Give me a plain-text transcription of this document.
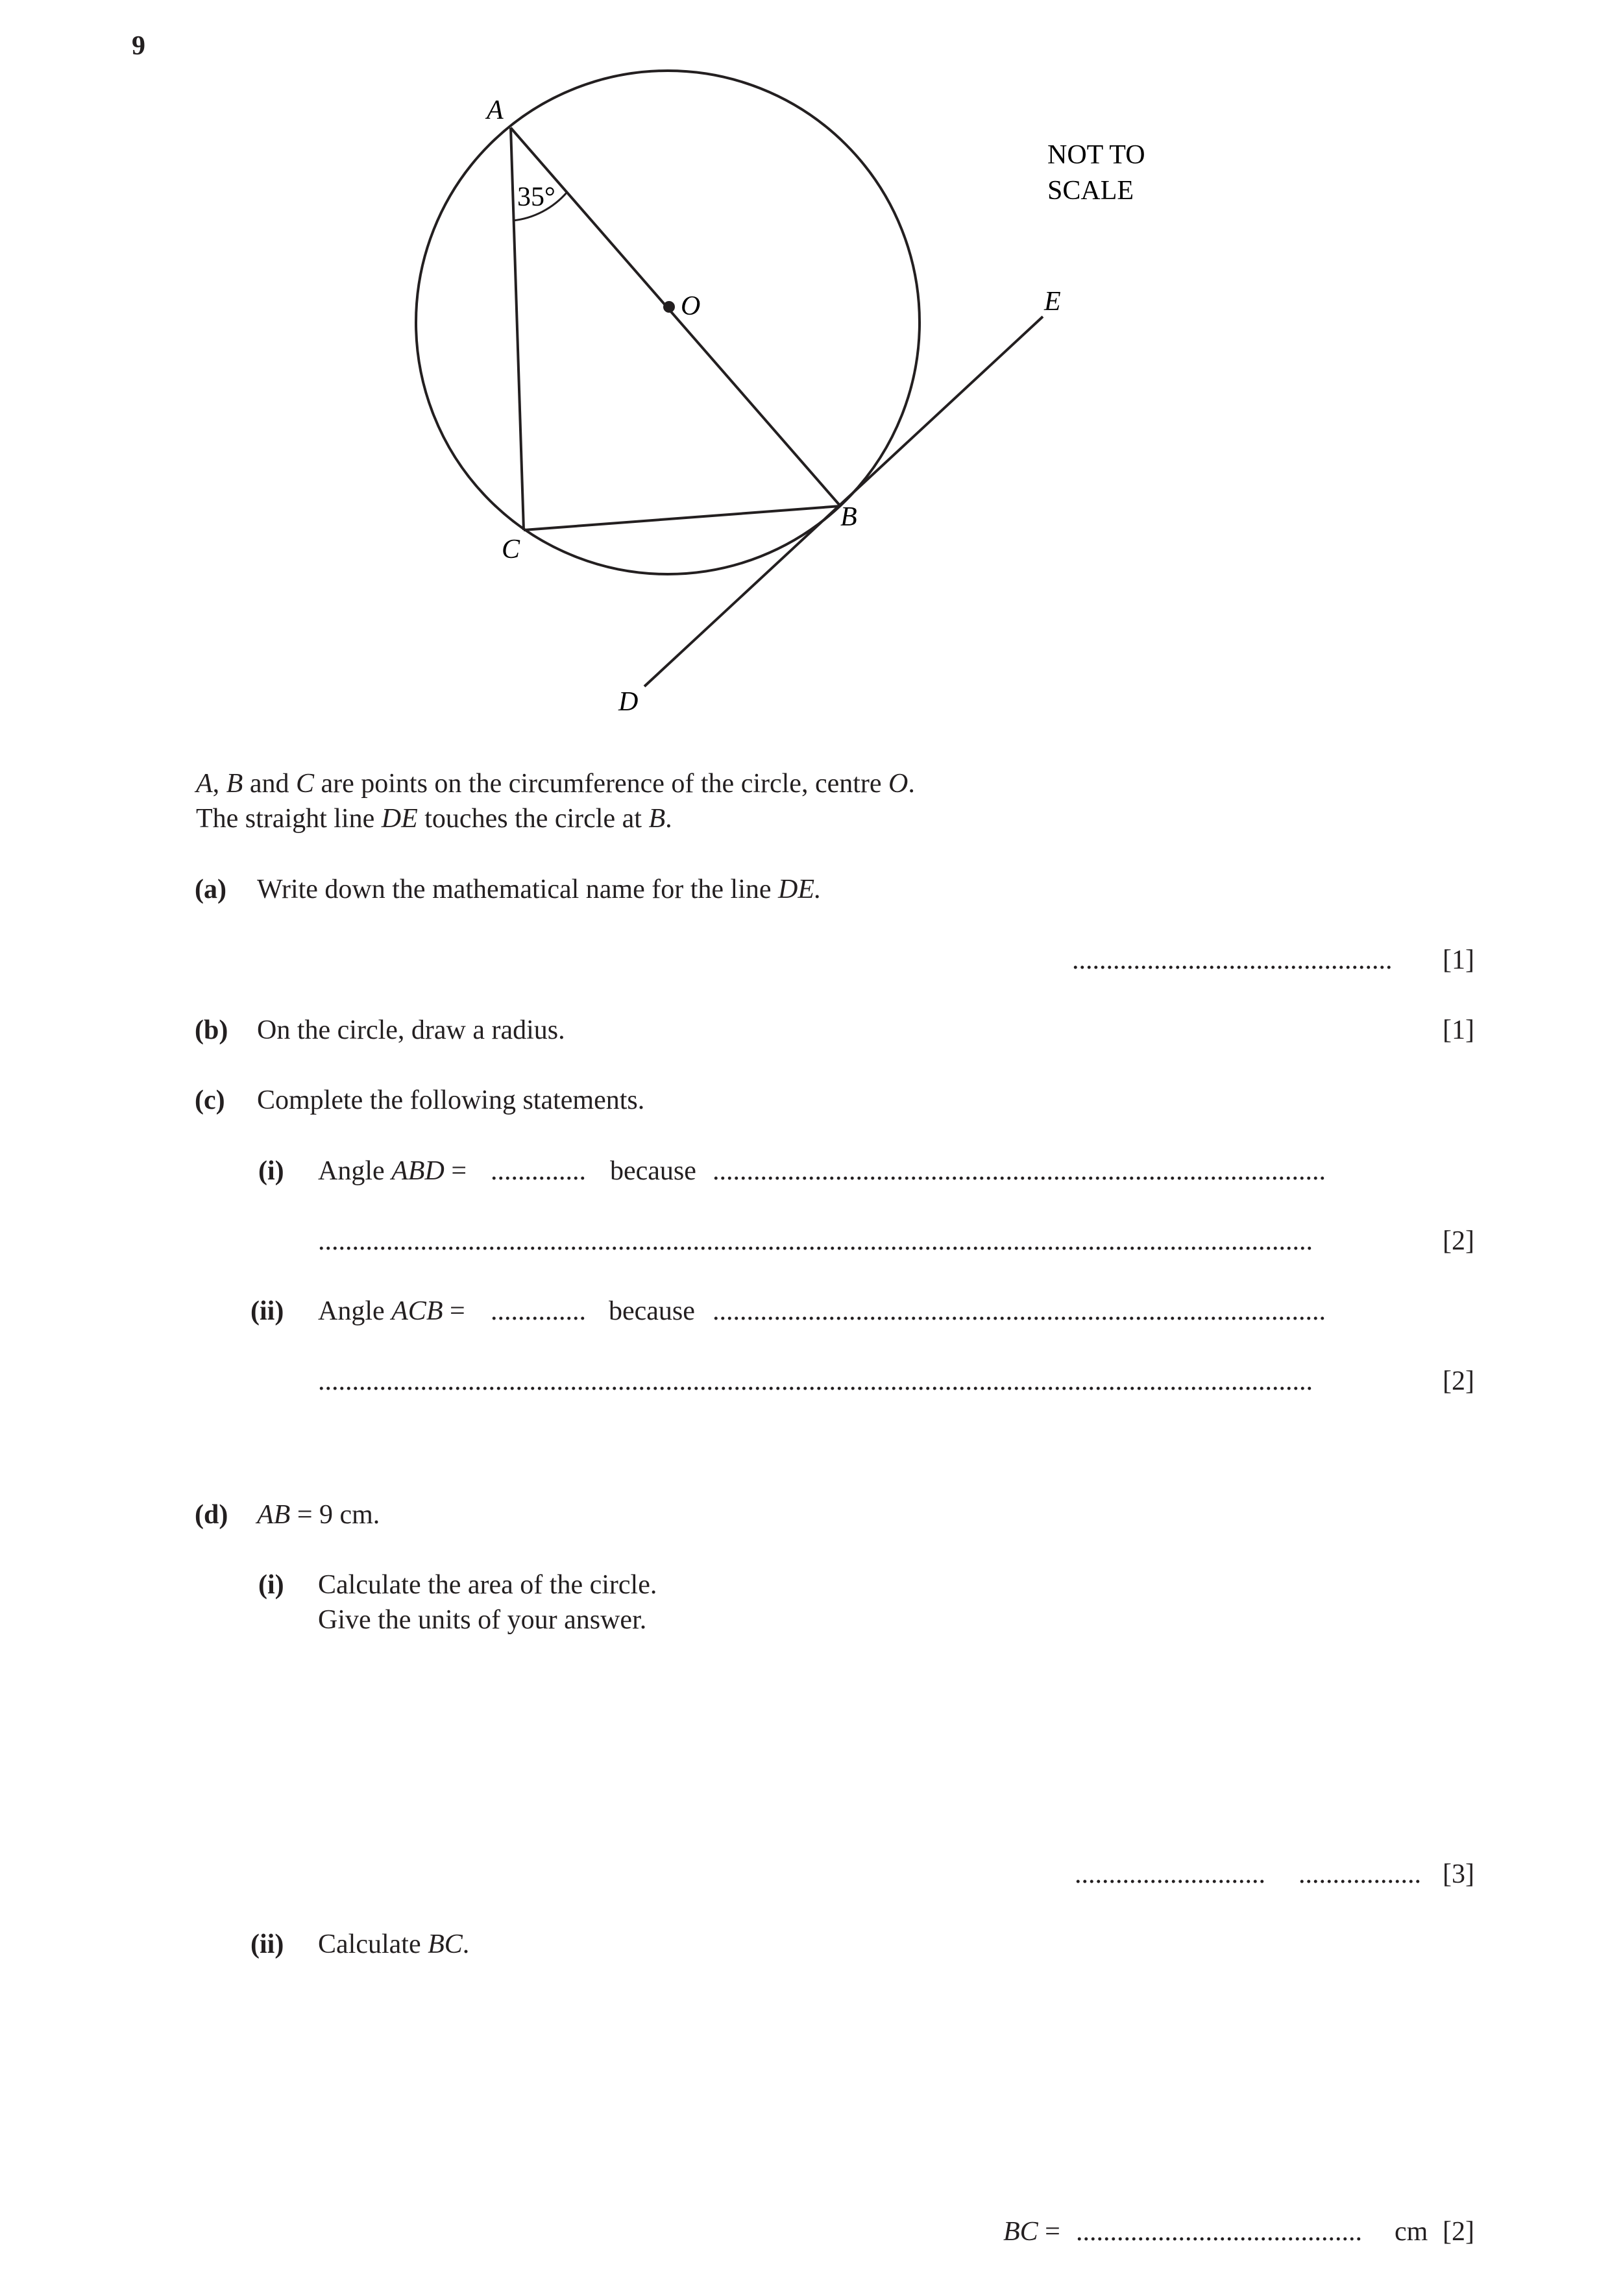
9
A
B
C
D
E
O
35°
NOT TO
SCALE
A, B and C are points on the circumference of the circle, centre O.
The straight line DE touches the circle at B.
(a) Write down the mathematical name for the line DE.
............................................... [1]
(b) On the circle, draw a radius.	[1]
(c) Complete the following statements.
(i) Angle ABD = .............. because ..........................................................................................
..................................................................................................................................................	[2]
(ii) Angle ACB = .............. because ..........................................................................................
..................................................................................................................................................	[2]
(d) AB = 9 cm.
(i) Calculate the area of the circle.
Give the units of your answer.
............................ .................. [3]
(ii) Calculate BC.
BC = .......................................... cm [2]
